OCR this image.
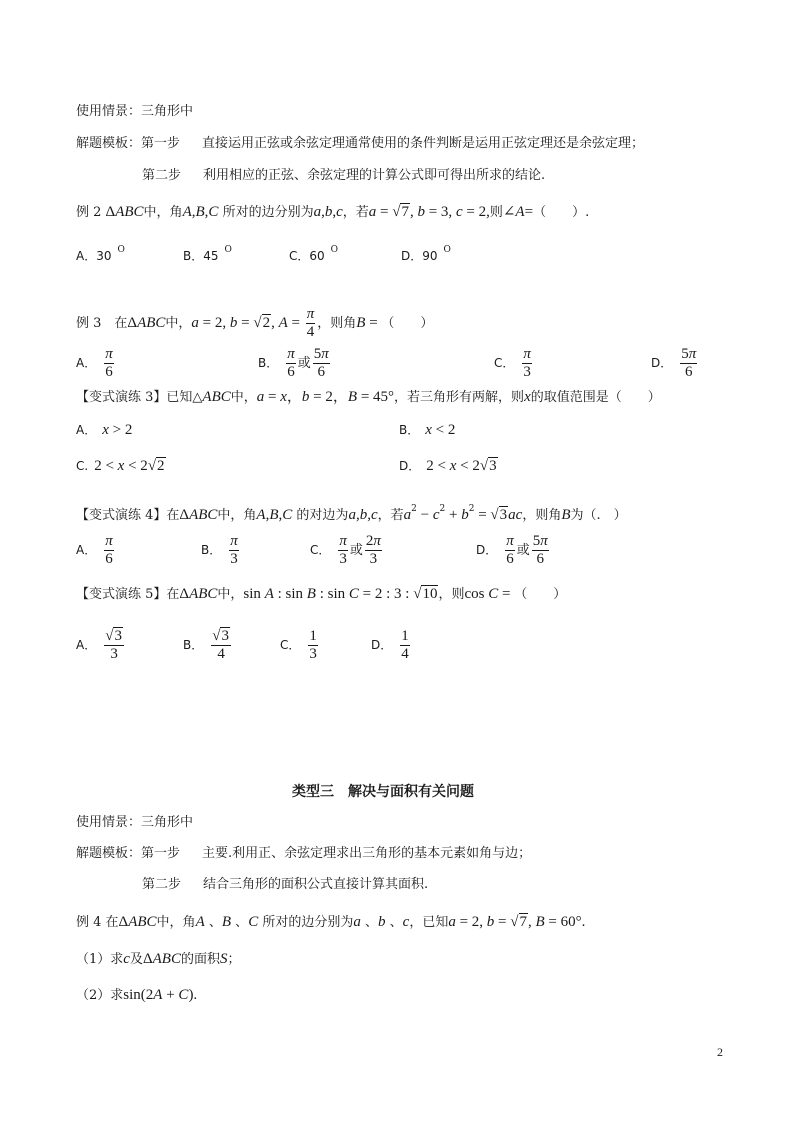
使用情景：三角形中
解题模板：第一步 直接运用正弦或余弦定理通常使用的条件判断是运用正弦定理还是余弦定理；
第二步 利用相应的正弦、余弦定理的计算公式即可得出所求的结论.
例 2 ΔABC中，角A,B,C 所对的边分别为a,b,c，若a = √7, b = 3, c = 2,则∠A=（　　）.
A．30 $^O$	B．45 $^O$	C．60 $^O$	D．90 $^O$
例 3　在ΔABC中，a = 2, b = √2, $A = \frac{\pi}{4}$ ，则角B = （　　）
A． $\frac{\pi}{6}$	B． $\frac{\pi}{6}$ 或 $\frac{5\pi}{6}$	C． $\frac{\pi}{3}$	D． $\frac{5\pi}{6}$
【变式演练 3】已知△ABC中，a = x，b = 2，B = 45°，若三角形有两解，则x的取值范围是（　　）
A． x > 2	B． x < 2
C. 2 < x < 2√2	D． 2 < x < 2√3
【变式演练 4】在ΔABC中，角A,B,C 的对边为a,b,c，若$a^2 - c^2 + b^2 = √3ac$，则角B为（.　）
A． $\frac{\pi}{6}$	B． $\frac{\pi}{3}$	C． $\frac{\pi}{3}$ 或 $\frac{2\pi}{3}$	D． $\frac{\pi}{6}$ 或 $\frac{5\pi}{6}$
【变式演练 5】在ΔABC中，sin A : sin B : sin C = 2 : 3 : √10，则cos C = （　　）
A． $\frac{√3}{3}$	B． $\frac{√3}{4}$	C． $\frac{1}{3}$	D． $\frac{1}{4}$
类型三　解决与面积有关问题
使用情景：三角形中
解题模板：第一步 主要.利用正、余弦定理求出三角形的基本元素如角与边；
第二步 结合三角形的面积公式直接计算其面积.
例 4 在ΔABC中，角A 、B 、C 所对的边分别为a 、b 、c，已知a = 2, b = √7, B = 60°.
（1）求c及ΔABC的面积S；
（2）求sin(2A + C).
2
